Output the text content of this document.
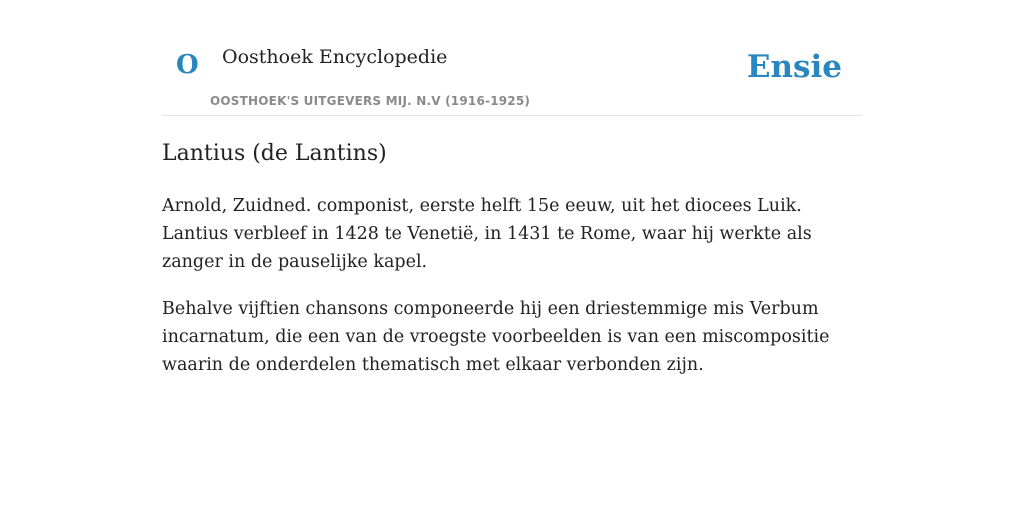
O Oosthoek Encyclopedie
OOSTHOEK'S UITGEVERS MIJ. N.V (1916-1925)
Ensie
Lantius (de Lantins)

Arnold, Zuidned. componist, eerste helft 15e eeuw, uit het diocees Luik. Lantius verbleef in 1428 te Venetië, in 1431 te Rome, waar hij werkte als zanger in de pauselijke kapel.

Behalve vijftien chansons componeerde hij een driestemmige mis Verbum incarnatum, die een van de vroegste voorbeelden is van een miscompositie waarin de onderdelen thematisch met elkaar verbonden zijn.
